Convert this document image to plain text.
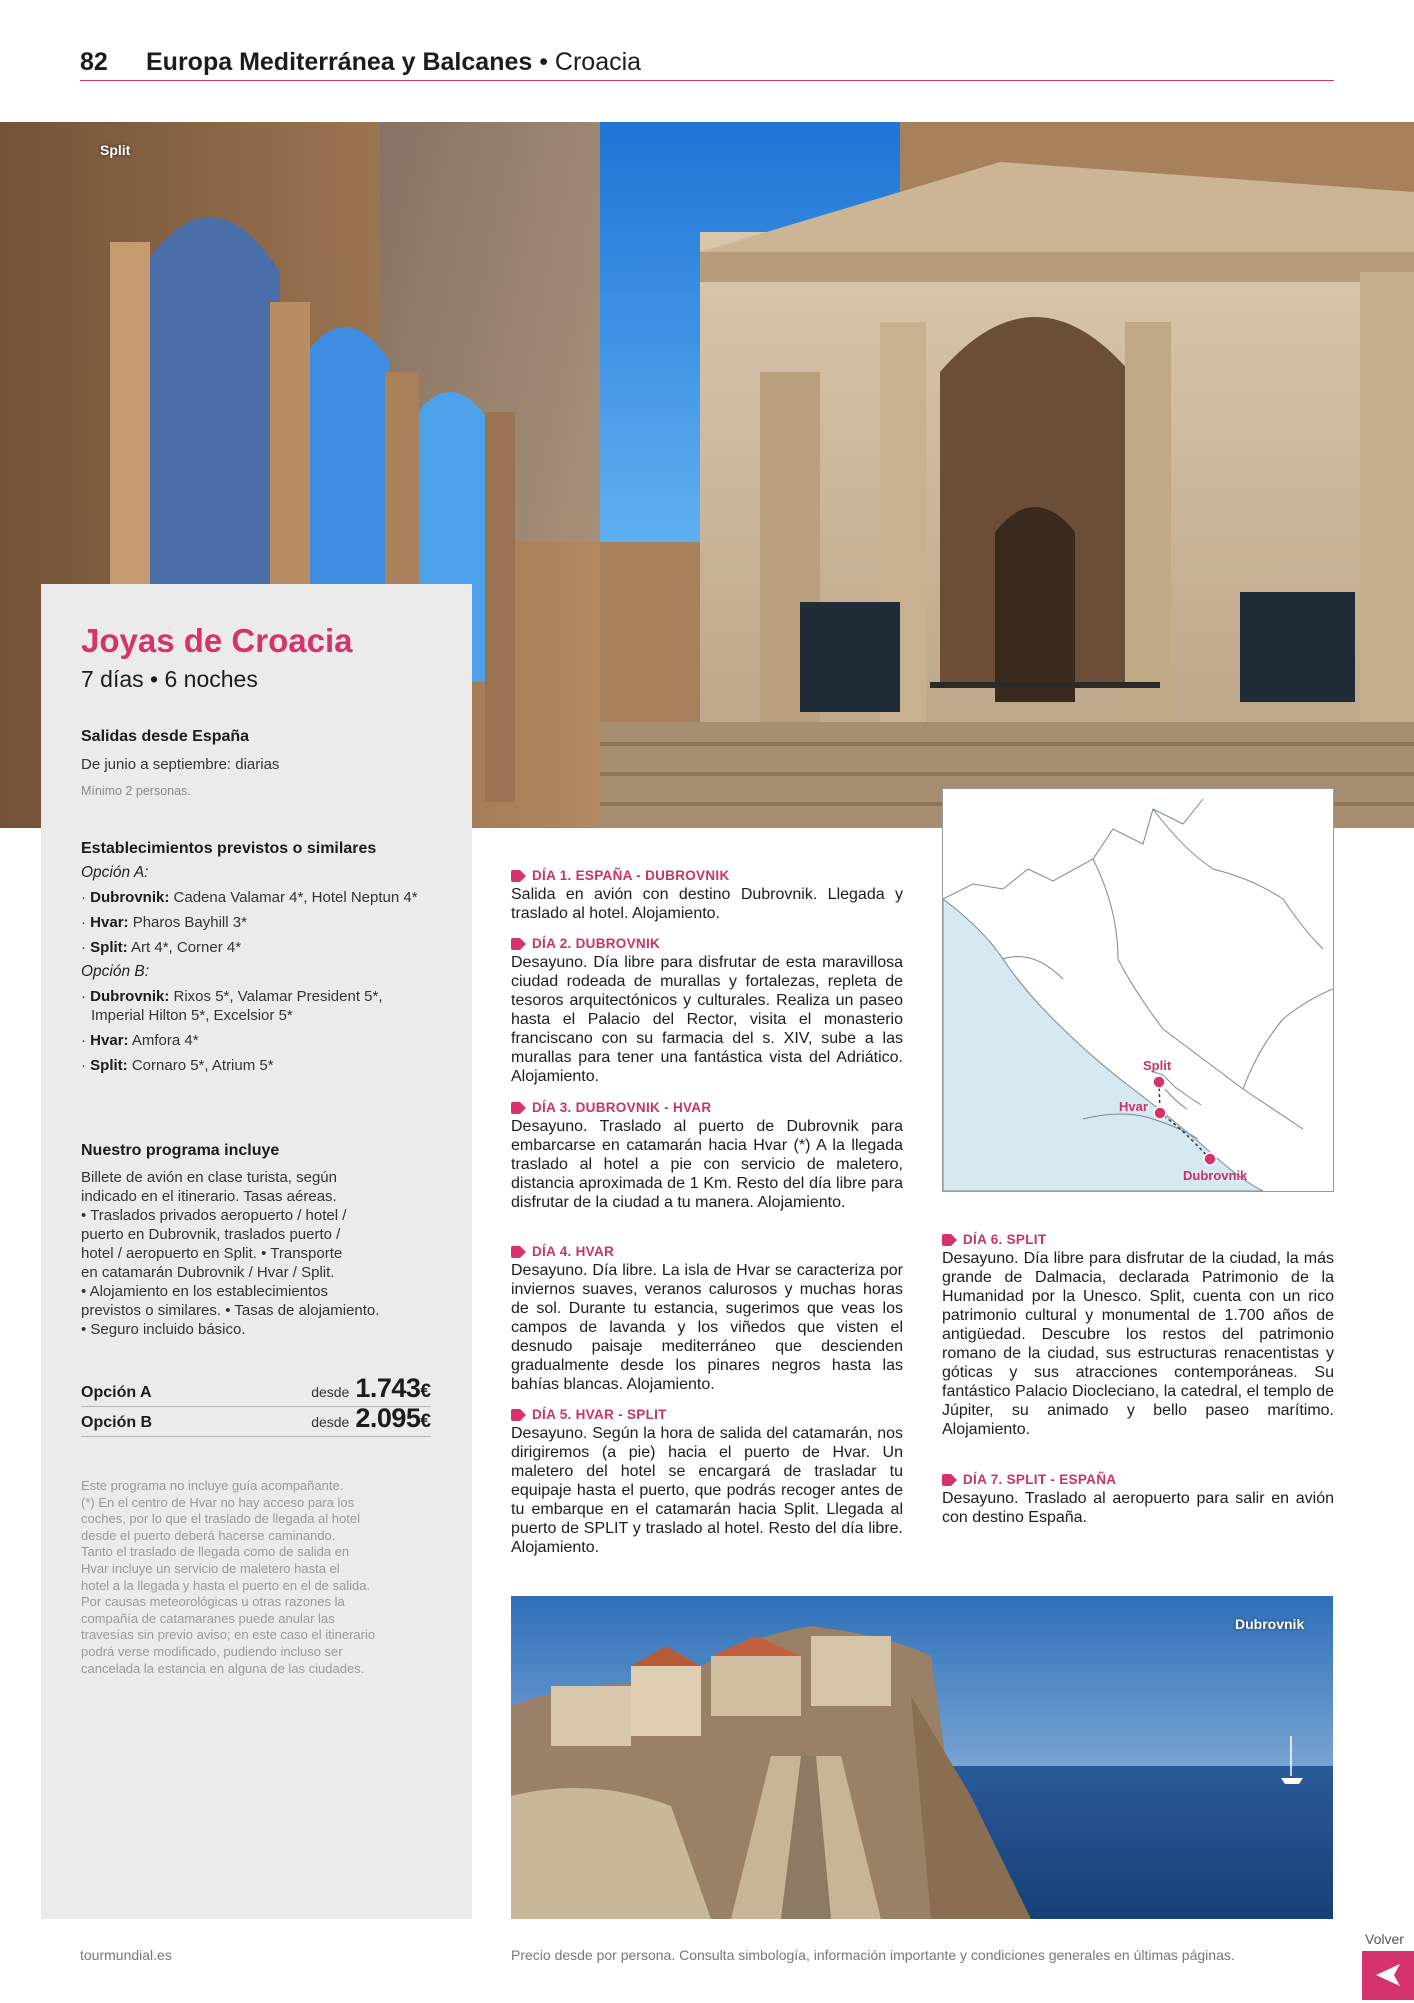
82 Europa Mediterránea y Balcanes • Croacia
Split
Joyas de Croacia

7 días • 6 noches

Salidas desde España

De junio a septiembre: diarias

Mínimo 2 personas.

Establecimientos previstos o similares

Opción A:

· Dubrovnik: Cadena Valamar 4*, Hotel Neptun 4*
· Hvar: Pharos Bayhill 3*
· Split: Art 4*, Corner 4*

Opción B:

· Dubrovnik: Rixos 5*, Valamar President 5*, Imperial Hilton 5*, Excelsior 5*
· Hvar: Amfora 4*
· Split: Cornaro 5*, Atrium 5*

Nuestro programa incluye

Billete de avión en clase turista, según

indicado en el itinerario. Tasas aéreas.

• Traslados privados aeropuerto / hotel /

puerto en Dubrovnik, traslados puerto /

hotel / aeropuerto en Split. • Transporte

en catamarán Dubrovnik / Hvar / Split.

• Alojamiento en los establecimientos

previstos o similares. • Tasas de alojamiento.

• Seguro incluido básico.

Opción A	desde 1.743€
Opción B	desde 2.095€
Este programa no incluye guía acompañante.
(*) En el centro de Hvar no hay acceso para los
coches, por lo que el traslado de llegada al hotel
desde el puerto deberá hacerse caminando.
Tanto el traslado de llegada como de salida en
Hvar incluye un servicio de maletero hasta el
hotel a la llegada y hasta el puerto en el de salida.
Por causas meteorológicas u otras razones la
compañía de catamaranes puede anular las
travesías sin previo aviso; en este caso el itinerario
podrá verse modificado, pudiendo incluso ser
cancelada la estancia en alguna de las ciudades.

DÍA 1. ESPAÑA - DUBROVNIK

Salida en avión con destino Dubrovnik. Llegada y traslado al hotel. Alojamiento.

DÍA 2. DUBROVNIK

Desayuno. Día libre para disfrutar de esta maravillosa ciudad rodeada de murallas y fortalezas, repleta de tesoros arquitectónicos y culturales. Realiza un paseo hasta el Palacio del Rector, visita el monasterio franciscano con su farmacia del s. XIV, sube a las murallas para tener una fantástica vista del Adriático. Alojamiento.

DÍA 3. DUBROVNIK - HVAR

Desayuno. Traslado al puerto de Dubrovnik para embarcarse en catamarán hacia Hvar (*) A la llegada traslado al hotel a pie con servicio de maletero, distancia aproximada de 1 Km. Resto del día libre para disfrutar de la ciudad a tu manera. Alojamiento.

DÍA 4. HVAR

Desayuno. Día libre. La isla de Hvar se caracteriza por inviernos suaves, veranos calurosos y muchas horas de sol. Durante tu estancia, sugerimos que veas los campos de lavanda y los viñedos que visten el desnudo paisaje mediterráneo que descienden gradualmente desde los pinares negros hasta las bahías blancas. Alojamiento.

DÍA 5. HVAR - SPLIT

Desayuno. Según la hora de salida del catamarán, nos dirigiremos (a pie) hacia el puerto de Hvar. Un maletero del hotel se encargará de trasladar tu equipaje hasta el puerto, que podrás recoger antes de tu embarque en el catamarán hacia Split. Llegada al puerto de SPLIT y traslado al hotel. Resto del día libre. Alojamiento.

DÍA 6. SPLIT

Desayuno. Día libre para disfrutar de la ciudad, la más grande de Dalmacia, declarada Patrimonio de la Humanidad por la Unesco. Split, cuenta con un rico patrimonio cultural y monumental de 1.700 años de antigüedad. Descubre los restos del patrimonio romano de la ciudad, sus estructuras renacentistas y góticas y sus atracciones contemporáneas. Su fantástico Palacio Diocleciano, la catedral, el templo de Júpiter, su animado y bello paseo marítimo. Alojamiento.

DÍA 7. SPLIT - ESPAÑA

Desayuno. Traslado al aeropuerto para salir en avión con destino España.

Split
Hvar
Dubrovnik
Dubrovnik
tourmundial.es	Precio desde por persona. Consulta simbología, información importante y condiciones generales en últimas páginas.
Volver
